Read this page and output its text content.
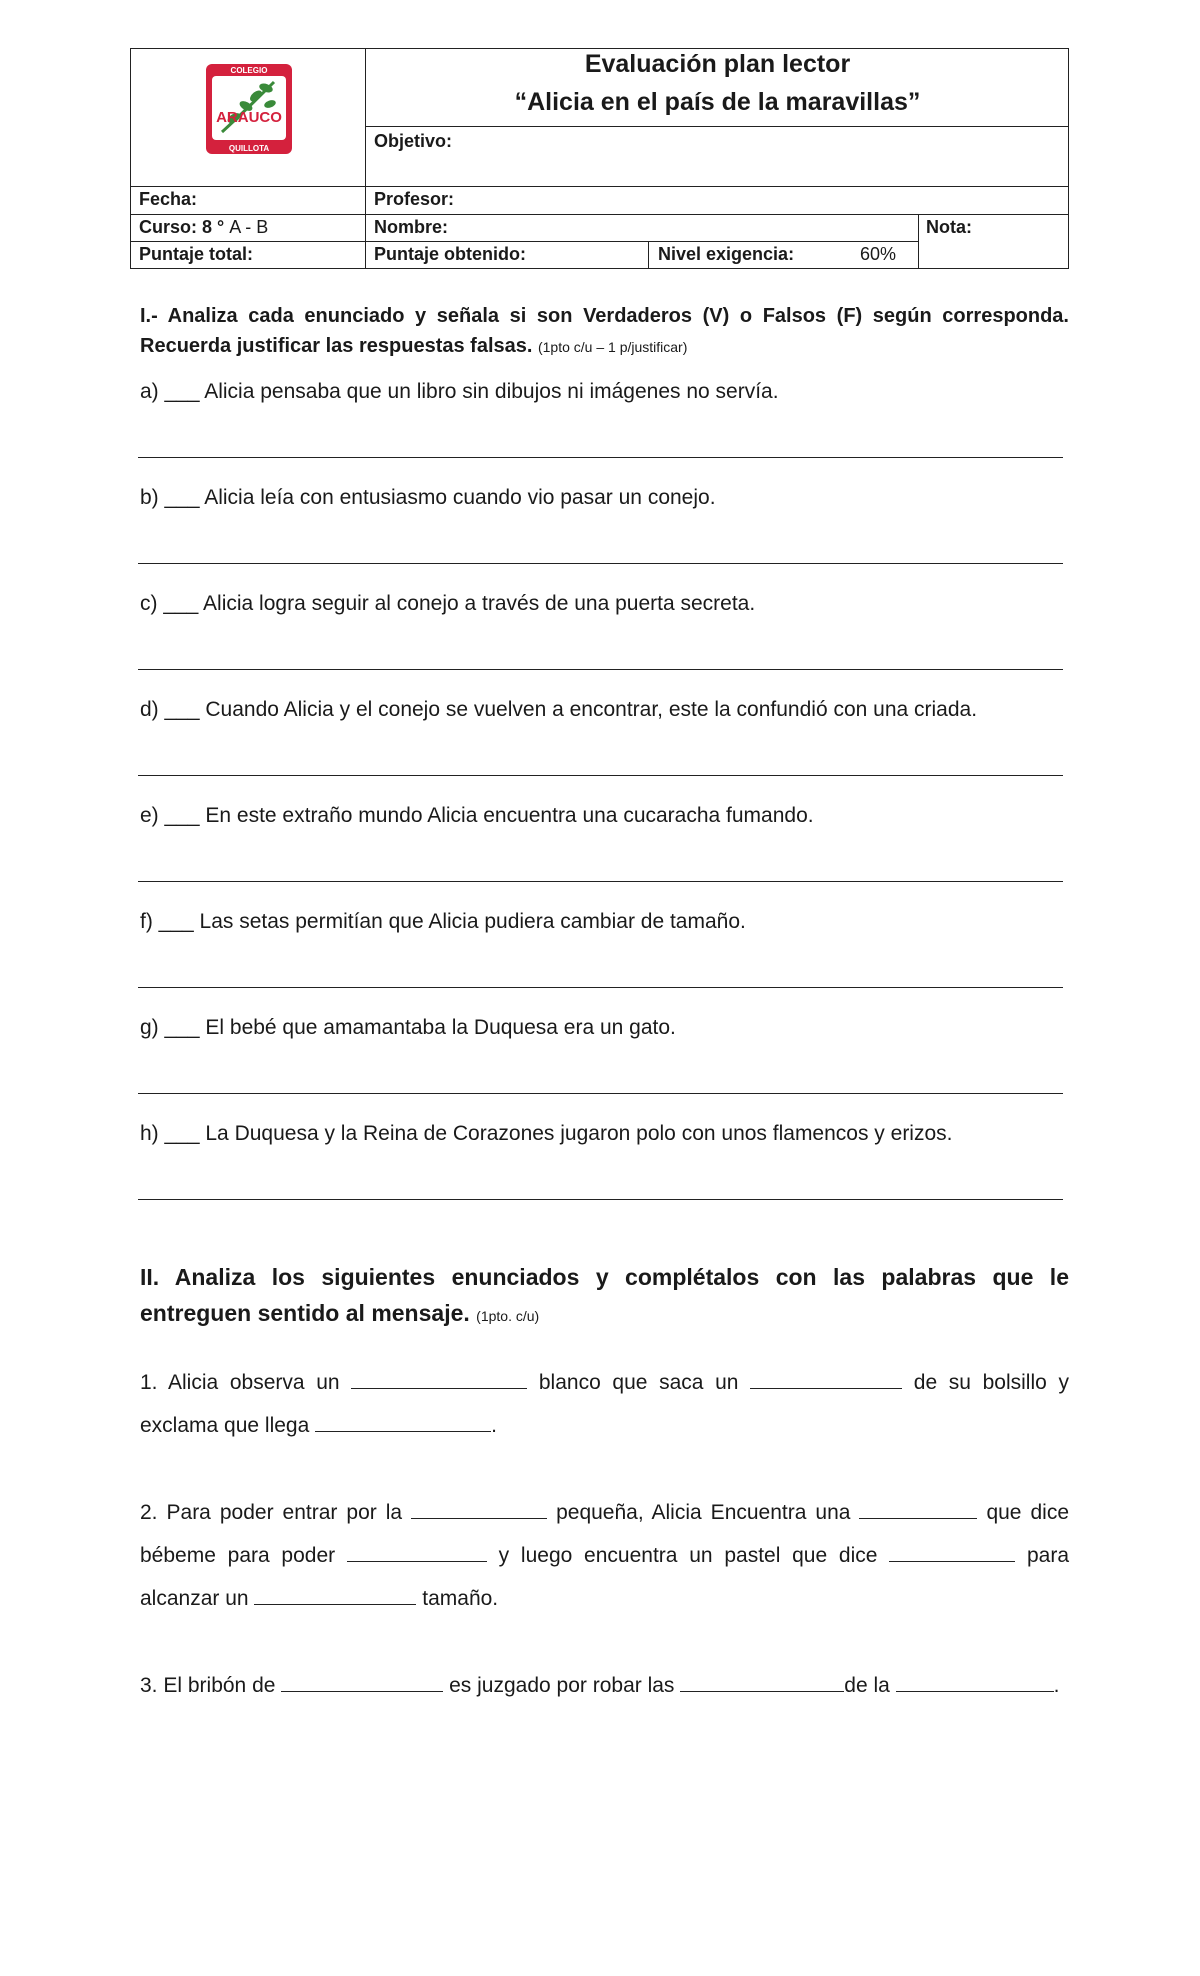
COLEGIO
QUILLOTA
ARAUCO
Evaluación plan lector
“Alicia en el país de la maravillas”
Objetivo:
Fecha:	Profesor:
Curso: 8 ° A - B	Nombre:	Nota:
Puntaje total:	Puntaje obtenido:	Nivel exigencia:	60%
I.- Analiza cada enunciado y señala si son Verdaderos (V) o Falsos (F) según corresponda. Recuerda justificar las respuestas falsas. (1pto c/u – 1 p/justificar)
a) ___ Alicia pensaba que un libro sin dibujos ni imágenes no servía.
b) ___ Alicia leía con entusiasmo cuando vio pasar un conejo.
c) ___ Alicia logra seguir al conejo a través de una puerta secreta.
d) ___ Cuando Alicia y el conejo se vuelven a encontrar, este la confundió con una criada.
e) ___ En este extraño mundo Alicia encuentra una cucaracha fumando.
f) ___ Las setas permitían que Alicia pudiera cambiar de tamaño.
g) ___ El bebé que amamantaba la Duquesa era un gato.
h) ___ La Duquesa y la Reina de Corazones jugaron polo con unos flamencos y erizos.
II. Analiza los siguientes enunciados y complétalos con las palabras que le entreguen sentido al mensaje. (1pto. c/u)
1. Alicia observa un	blanco que saca un	de su bolsillo y exclama que llega	.
2. Para poder entrar por la	pequeña, Alicia Encuentra una	que dice bébeme para poder	y luego encuentra un pastel que dice	para alcanzar un	tamaño.
3. El bribón de	es juzgado por robar las	de la	.
